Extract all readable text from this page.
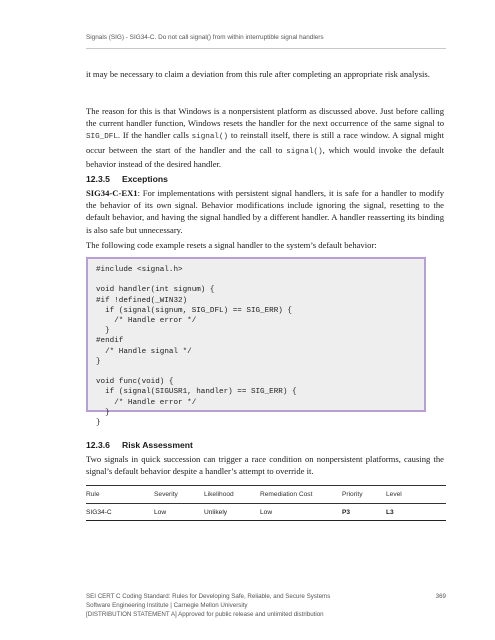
Signals (SIG) - SIG34-C. Do not call signal() from within interruptible signal handlers

it may be necessary to claim a deviation from this rule after completing an appropriate risk analysis.

The reason for this is that Windows is a nonpersistent platform as discussed above. Just before calling the current handler function, Windows resets the handler for the next occurrence of the same signal to SIG_DFL. If the handler calls signal() to reinstall itself, there is still a race window. A signal might occur between the start of the handler and the call to signal(), which would invoke the default behavior instead of the desired handler.

12.3.5 Exceptions

SIG34-C-EX1: For implementations with persistent signal handlers, it is safe for a handler to modify the behavior of its own signal. Behavior modifications include ignoring the signal, resetting to the default behavior, and having the signal handled by a different handler. A handler reasserting its binding is also safe but unnecessary.

The following code example resets a signal handler to the system’s default behavior:

#include <signal.h>

void handler(int signum) {
#if !defined(_WIN32)
if (signal(signum, SIG_DFL) == SIG_ERR) {
/* Handle error */
}
#endif
/* Handle signal */
}

void func(void) {
if (signal(SIGUSR1, handler) == SIG_ERR) {
/* Handle error */
}
}
12.3.6 Risk Assessment

Two signals in quick succession can trigger a race condition on nonpersistent platforms, causing the signal’s default behavior despite a handler’s attempt to override it.

Rule	Severity	Likelihood	Remediation Cost	Priority	Level
SIG34-C	Low	Unlikely	Low	P3	L3
SEI CERT C Coding Standard: Rules for Developing Safe, Reliable, and Secure Systems
Software Engineering Institute | Carnegie Mellon University
[DISTRIBUTION STATEMENT A] Approved for public release and unlimited distribution
369
